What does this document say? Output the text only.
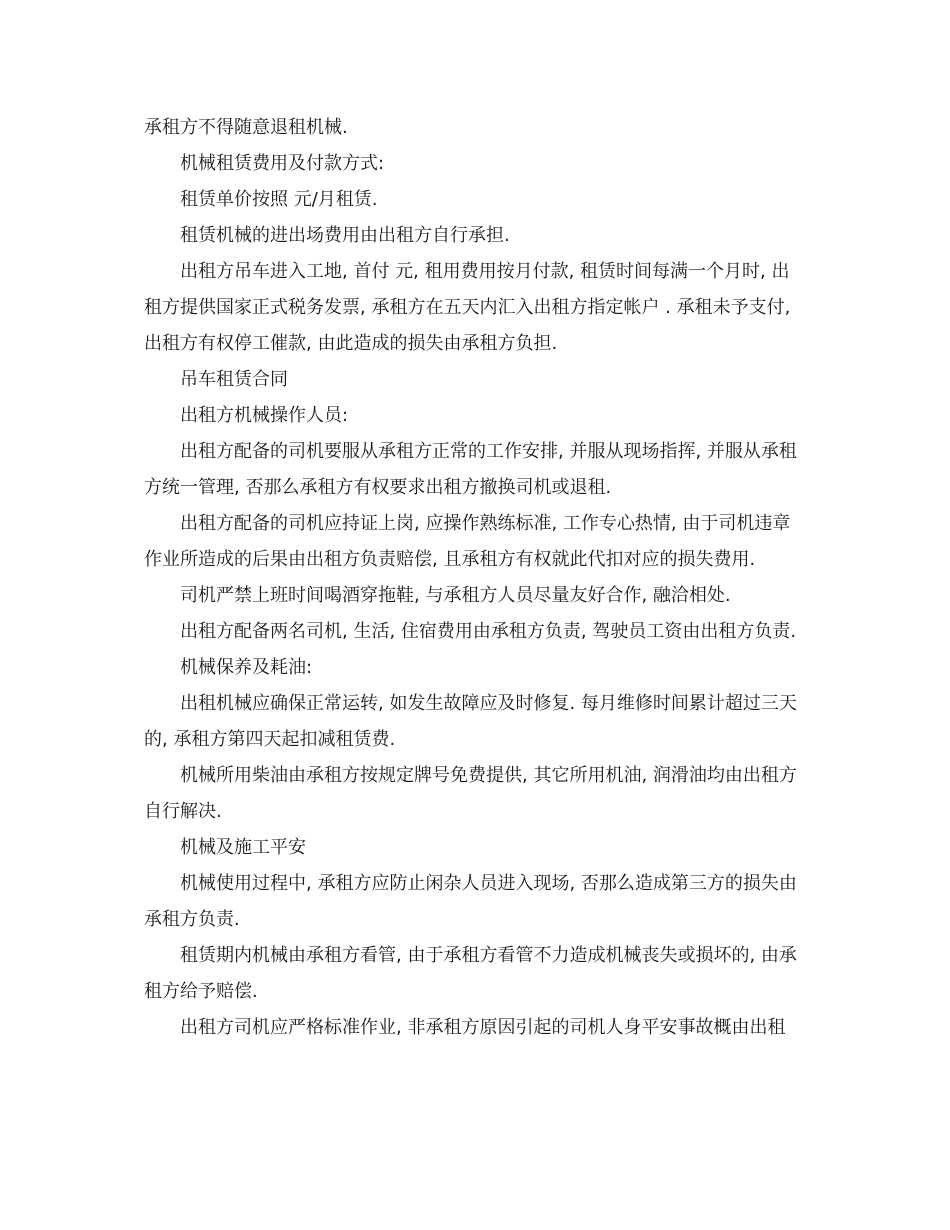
承租方不得随意退租机械.

机械租赁费用及付款方式:

租赁单价按照 元/月租赁.

租赁机械的进出场费用由出租方自行承担.

出租方吊车进入工地, 首付 元, 租用费用按月付款, 租赁时间每满一个月时, 出租方提供国家正式税务发票, 承租方在五天内汇入出租方指定帐户 . 承租未予支付, 出租方有权停工催款, 由此造成的损失由承租方负担.

吊车租赁合同

出租方机械操作人员:

出租方配备的司机要服从承租方正常的工作安排, 并服从现场指挥, 并服从承租方统一管理, 否那么承租方有权要求出租方撤换司机或退租.

出租方配备的司机应持证上岗, 应操作熟练标准, 工作专心热情, 由于司机违章作业所造成的后果由出租方负责赔偿, 且承租方有权就此代扣对应的损失费用.

司机严禁上班时间喝酒穿拖鞋, 与承租方人员尽量友好合作, 融洽相处.

出租方配备两名司机, 生活, 住宿费用由承租方负责, 驾驶员工资由出租方负责.

机械保养及耗油:

出租机械应确保正常运转, 如发生故障应及时修复. 每月维修时间累计超过三天的, 承租方第四天起扣减租赁费.

机械所用柴油由承租方按规定牌号免费提供, 其它所用机油, 润滑油均由出租方自行解决.

机械及施工平安

机械使用过程中, 承租方应防止闲杂人员进入现场, 否那么造成第三方的损失由承租方负责.

租赁期内机械由承租方看管, 由于承租方看管不力造成机械丧失或损坏的, 由承租方给予赔偿.

出租方司机应严格标准作业, 非承租方原因引起的司机人身平安事故概由出租
